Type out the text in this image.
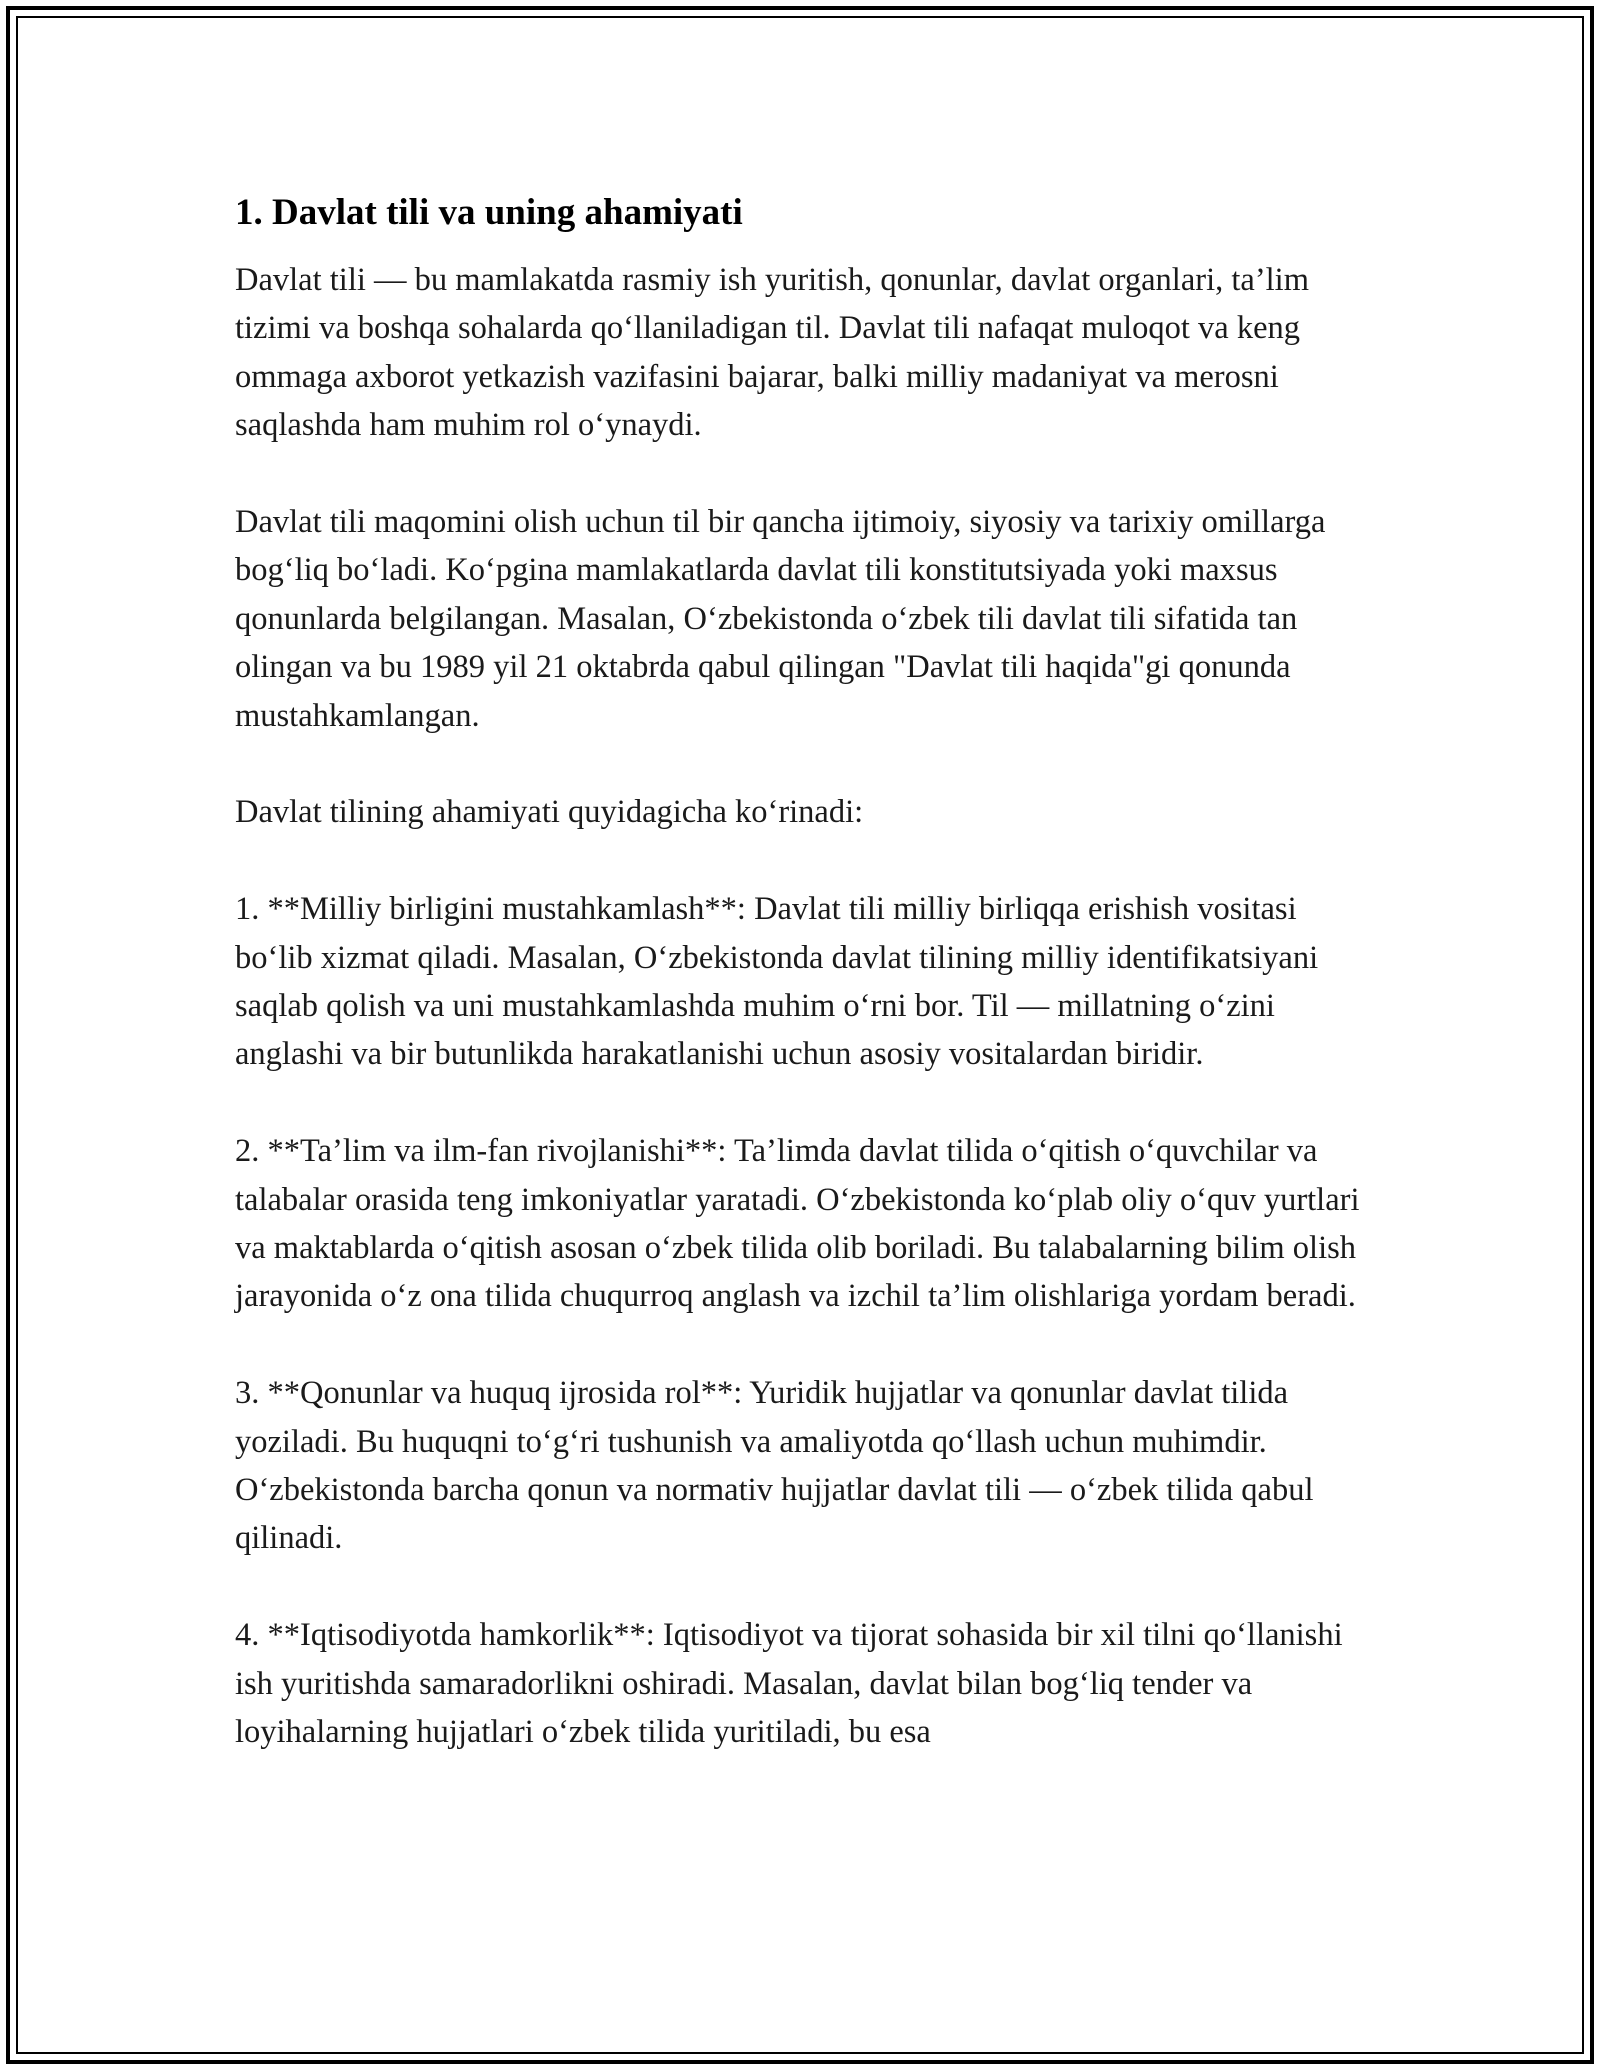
1. Davlat tili va uning ahamiyati

Davlat tili — bu mamlakatda rasmiy ish yuritish, qonunlar, davlat organlari, ta’lim tizimi va boshqa sohalarda qo‘llaniladigan til. Davlat tili nafaqat muloqot va keng ommaga axborot yetkazish vazifasini bajarar, balki milliy madaniyat va merosni saqlashda ham muhim rol o‘ynaydi.

Davlat tili maqomini olish uchun til bir qancha ijtimoiy, siyosiy va tarixiy omillarga bog‘liq bo‘ladi. Ko‘pgina mamlakatlarda davlat tili konstitutsiyada yoki maxsus qonunlarda belgilangan. Masalan, O‘zbekistonda o‘zbek tili davlat tili sifatida tan olingan va bu 1989 yil 21 oktabrda qabul qilingan "Davlat tili haqida"gi qonunda mustahkamlangan.

Davlat tilining ahamiyati quyidagicha ko‘rinadi:

1. **Milliy birligini mustahkamlash**: Davlat tili milliy birliqqa erishish vositasi bo‘lib xizmat qiladi. Masalan, O‘zbekistonda davlat tilining milliy identifikatsiyani saqlab qolish va uni mustahkamlashda muhim o‘rni bor. Til — millatning o‘zini anglashi va bir butunlikda harakatlanishi uchun asosiy vositalardan biridir.

2. **Ta’lim va ilm-fan rivojlanishi**: Ta’limda davlat tilida o‘qitish o‘quvchilar va talabalar orasida teng imkoniyatlar yaratadi. O‘zbekistonda ko‘plab oliy o‘quv yurtlari va maktablarda o‘qitish asosan o‘zbek tilida olib boriladi. Bu talabalarning bilim olish jarayonida o‘z ona tilida chuqurroq anglash va izchil ta’lim olishlariga yordam beradi.

3. **Qonunlar va huquq ijrosida rol**: Yuridik hujjatlar va qonunlar davlat tilida yoziladi. Bu huquqni to‘g‘ri tushunish va amaliyotda qo‘llash uchun muhimdir. O‘zbekistonda barcha qonun va normativ hujjatlar davlat tili — o‘zbek tilida qabul qilinadi.

4. **Iqtisodiyotda hamkorlik**: Iqtisodiyot va tijorat sohasida bir xil tilni qo‘llanishi ish yuritishda samaradorlikni oshiradi. Masalan, davlat bilan bog‘liq tender va loyihalarning hujjatlari o‘zbek tilida yuritiladi, bu esa
